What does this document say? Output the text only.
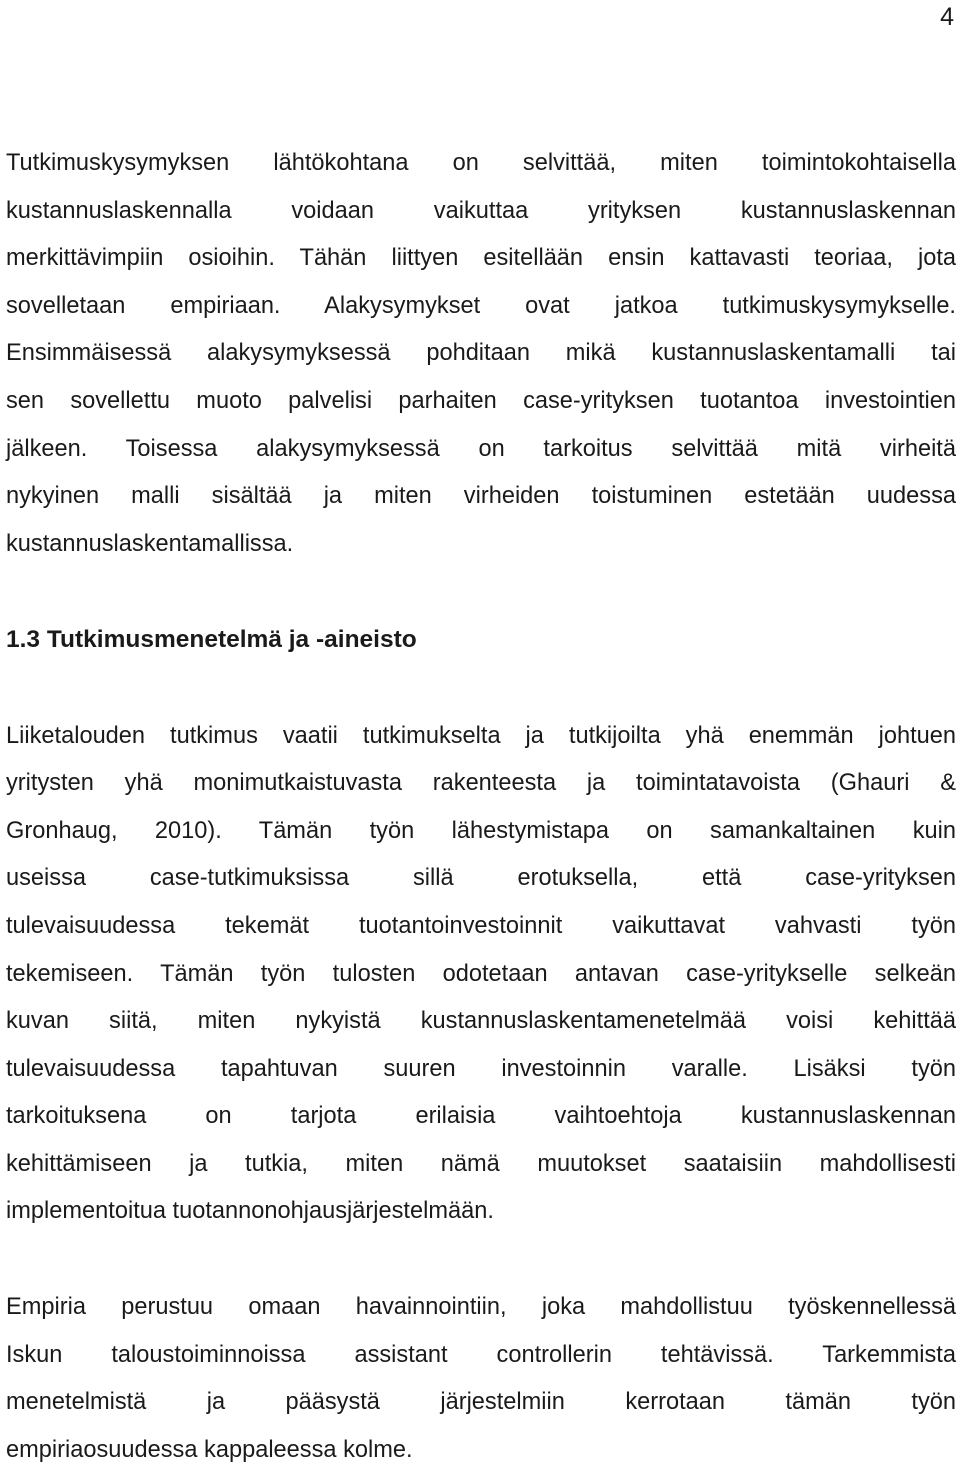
4

Tutkimuskysymyksen lähtökohtana on selvittää, miten toimintokohtaisella
kustannuslaskennalla voidaan vaikuttaa yrityksen kustannuslaskennan
merkittävimpiin osioihin. Tähän liittyen esitellään ensin kattavasti teoriaa, jota
sovelletaan empiriaan. Alakysymykset ovat jatkoa tutkimuskysymykselle.
Ensimmäisessä alakysymyksessä pohditaan mikä kustannuslaskentamalli tai
sen sovellettu muoto palvelisi parhaiten case-yrityksen tuotantoa investointien
jälkeen. Toisessa alakysymyksessä on tarkoitus selvittää mitä virheitä
nykyinen malli sisältää ja miten virheiden toistuminen estetään uudessa
kustannuslaskentamallissa.

1.3 Tutkimusmenetelmä ja -aineisto

Liiketalouden tutkimus vaatii tutkimukselta ja tutkijoilta yhä enemmän johtuen
yritysten yhä monimutkaistuvasta rakenteesta ja toimintatavoista (Ghauri &
Gronhaug, 2010). Tämän työn lähestymistapa on samankaltainen kuin
useissa case-tutkimuksissa sillä erotuksella, että case-yrityksen
tulevaisuudessa tekemät tuotantoinvestoinnit vaikuttavat vahvasti työn
tekemiseen. Tämän työn tulosten odotetaan antavan case-yritykselle selkeän
kuvan siitä, miten nykyistä kustannuslaskentamenetelmää voisi kehittää
tulevaisuudessa tapahtuvan suuren investoinnin varalle. Lisäksi työn
tarkoituksena on tarjota erilaisia vaihtoehtoja kustannuslaskennan
kehittämiseen ja tutkia, miten nämä muutokset saataisiin mahdollisesti
implementoitua tuotannonohjausjärjestelmään.

Empiria perustuu omaan havainnointiin, joka mahdollistuu työskennellessä
Iskun taloustoiminnoissa assistant controllerin tehtävissä. Tarkemmista
menetelmistä ja pääsystä järjestelmiin kerrotaan tämän työn
empiriaosuudessa kappaleessa kolme.
